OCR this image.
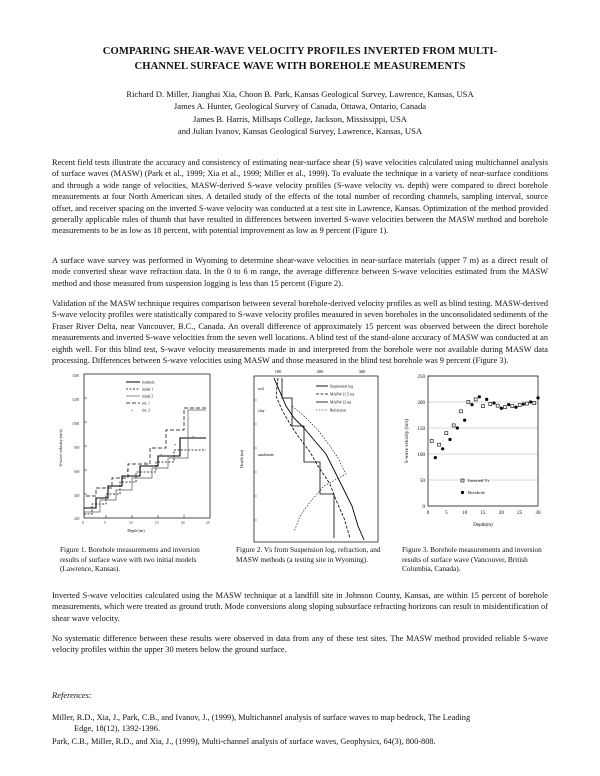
COMPARING SHEAR-WAVE VELOCITY PROFILES INVERTED FROM MULTI-
CHANNEL SURFACE WAVE WITH BOREHOLE MEASUREMENTS
Richard D. Miller, Jianghai Xia, Choon B. Park, Kansas Geological Survey, Lawrence, Kansas, USA
James A. Hunter, Geological Survey of Canada, Ottawa, Ontario, Canada
James B. Harris, Millsaps College, Jackson, Mississippi, USA
and Julian Ivanov, Kansas Geological Survey, Lawrence, Kansas, USA

Recent field tests illustrate the accuracy and consistency of estimating near-surface shear (S) wave velocities calculated using multichannel analysis of surface waves (MASW) (Park et al., 1999; Xia et al., 1999; Miller et al., 1999). To evaluate the technique in a variety of near-surface conditions and through a wide range of velocities, MASW-derived S-wave velocity profiles (S-wave velocity vs. depth) were compared to direct borehole measurements at four North American sites. A detailed study of the effects of the total number of recording channels, sampling interval, source offset, and receiver spacing on the inverted S-wave velocity was conducted at a test site in Lawrence, Kansas. Optimization of the method provided generally applicable rules of thumb that have resulted in differences between inverted S-wave velocities between the MASW method and borehole measurements to be as low as 18 percent, with potential improvement as low as 9 percent (Figure 1).

A surface wave survey was performed in Wyoming to determine shear-wave velocities in near-surface materials (upper 7 m) as a direct result of mode converted shear wave refraction data. In the 0 to 6 m range, the average difference between S-wave velocities estimated from the MASW method and those measured from suspension logging is less than 15 percent (Figure 2).

Validation of the MASW technique requires comparison between several borehole-derived velocity profiles as well as blind testing. MASW-derived S-wave velocity profiles were statistically compared to S-wave velocity profiles measured in seven boreholes in the unconsolidated sediments of the Fraser River Delta, near Vancouver, B.C., Canada. An overall difference of approximately 15 percent was observed between the direct borehole measurements and inverted S-wave velocities from the seven well locations. A blind test of the stand-alone accuracy of MASW was conducted at an eighth well. For this blind test, S-wave velocity measurements made in and interpreted from the borehole were not available during MASW data processing. Differences between S-wave velocities using MASW and those measured in the blind test borehole was 9 percent (Figure 3).

1400
1200
1000
800
600
400
200
0	5	10	15	20	25
+
+
+
+
+
borehole
initial 1
initial 2
inv. 1
+ inv. 2
Depth (m)
S-wave velocity (m/s)
Figure 1. Borehole measurements and inversion results of surface wave with two initial models (Lawrence, Kansas).
100	200	300
soil
clay
sandstone
Suspension log
MASW (1.5 m)
MASW (3 m)
Refraction
Depth (m)
Figure 2. Vs from Suspension log, refraction, and MASW methods (a testing site in Wyoming).
0
50
100
150
200
250
0	5	10	15	20	25	30
Inverted Vs
Borehole
Depth(m)
S-wave velocity (m/s)
Figure 3. Borehole measurements and inversion results of surface wave (Vancouver, British Columbia, Canada).

Inverted S-wave velocities calculated using the MASW technique at a landfill site in Johnson County, Kansas, are within 15 percent of borehole measurements, which were treated as ground truth. Mode conversions along sloping subsurface refracting horizons can result in misidentification of shear wave velocity.

No systematic difference between these results were observed in data from any of these test sites. The MASW method provided reliable S-wave velocity profiles within the upper 30 meters below the ground surface.

References:
Miller, R.D., Xia, J., Park, C.B., and Ivanov, J., (1999), Multichannel analysis of surface waves to map bedrock, The Leading
Edge, 18(12), 1392-1396.
Park, C.B., Miller, R.D., and Xia, J., (1999), Multi-channel analysis of surface waves, Geophysics, 64(3), 800-808.
